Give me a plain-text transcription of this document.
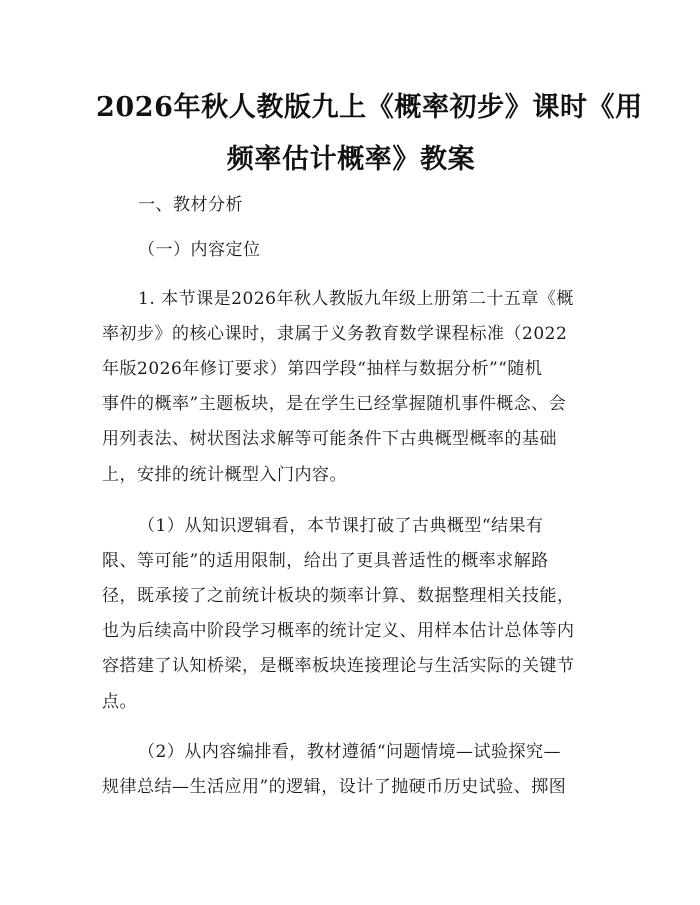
2026年秋人教版九上《概率初步》课时《用
频率估计概率》教案
一、教材分析
（一）内容定位
1. 本节课是2026年秋人教版九年级上册第二十五章《概
率初步》的核心课时，隶属于义务教育数学课程标准（2022
年版2026年修订要求）第四学段“抽样与数据分析”“随机
事件的概率”主题板块，是在学生已经掌握随机事件概念、会
用列表法、树状图法求解等可能条件下古典概型概率的基础
上，安排的统计概型入门内容。
（1）从知识逻辑看，本节课打破了古典概型“结果有
限、等可能”的适用限制，给出了更具普适性的概率求解路
径，既承接了之前统计板块的频率计算、数据整理相关技能，
也为后续高中阶段学习概率的统计定义、用样本估计总体等内
容搭建了认知桥梁，是概率板块连接理论与生活实际的关键节
点。
（2）从内容编排看，教材遵循“问题情境—试验探究—
规律总结—生活应用”的逻辑，设计了抛硬币历史试验、掷图
